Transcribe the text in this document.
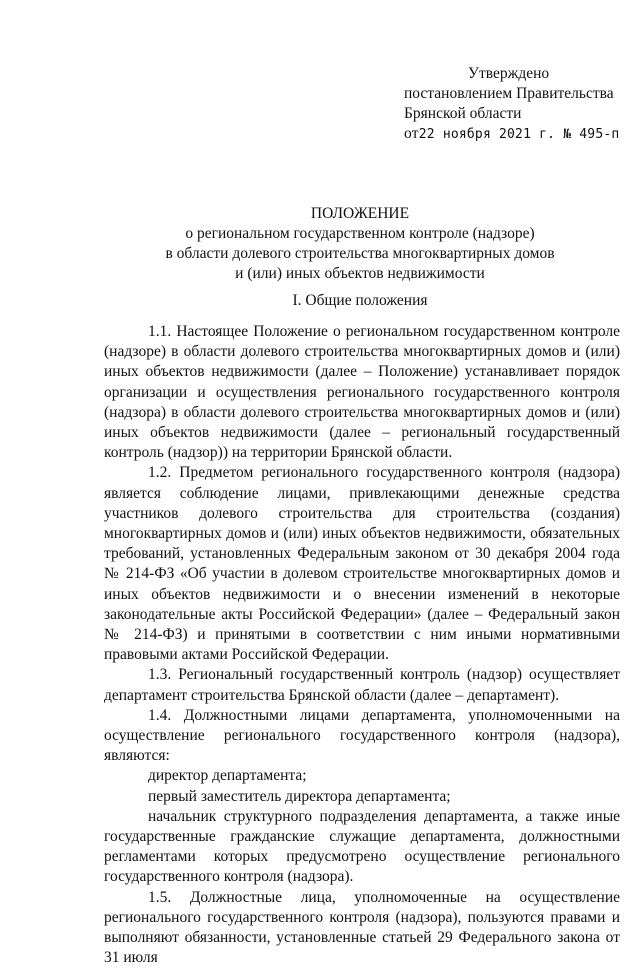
Утверждено
постановлением Правительства
Брянской области
от22 ноября 2021 г. № 495-п
ПОЛОЖЕНИЕ
о региональном государственном контроле (надзоре)
в области долевого строительства многоквартирных домов
и (или) иных объектов недвижимости
I. Общие положения

1.1. Настоящее Положение о региональном государственном контроле (надзоре) в области долевого строительства многоквартирных домов и (или) иных объектов недвижимости (далее – Положение) устанавливает порядок организации и осуществления регионального государственного контроля (надзора) в области долевого строительства многоквартирных домов и (или) иных объектов недвижимости (далее – региональный государственный контроль (надзор)) на территории Брянской области.

1.2. Предметом регионального государственного контроля (надзора) является соблюдение лицами, привлекающими денежные средства участников долевого строительства для строительства (создания) многоквартирных домов и (или) иных объектов недвижимости, обязательных требований, установленных Федеральным законом от 30 декабря 2004 года № 214-ФЗ «Об участии в долевом строительстве многоквартирных домов и иных объектов недвижимости и о внесении изменений в некоторые законодательные акты Российской Федерации» (далее – Федеральный закон № 214-ФЗ) и принятыми в соответствии с ним иными нормативными правовыми актами Российской Федерации.

1.3. Региональный государственный контроль (надзор) осуществляет департамент строительства Брянской области (далее – департамент).

1.4. Должностными лицами департамента, уполномоченными на осуществление регионального государственного контроля (надзора), являются:

директор департамента;

первый заместитель директора департамента;

начальник структурного подразделения департамента, а также иные государственные гражданские служащие департамента, должностными регламентами которых предусмотрено осуществление регионального государственного контроля (надзора).

1.5. Должностные лица, уполномоченные на осуществление регионального государственного контроля (надзора), пользуются правами и выполняют обязанности, установленные статьей 29 Федерального закона от 31 июля
